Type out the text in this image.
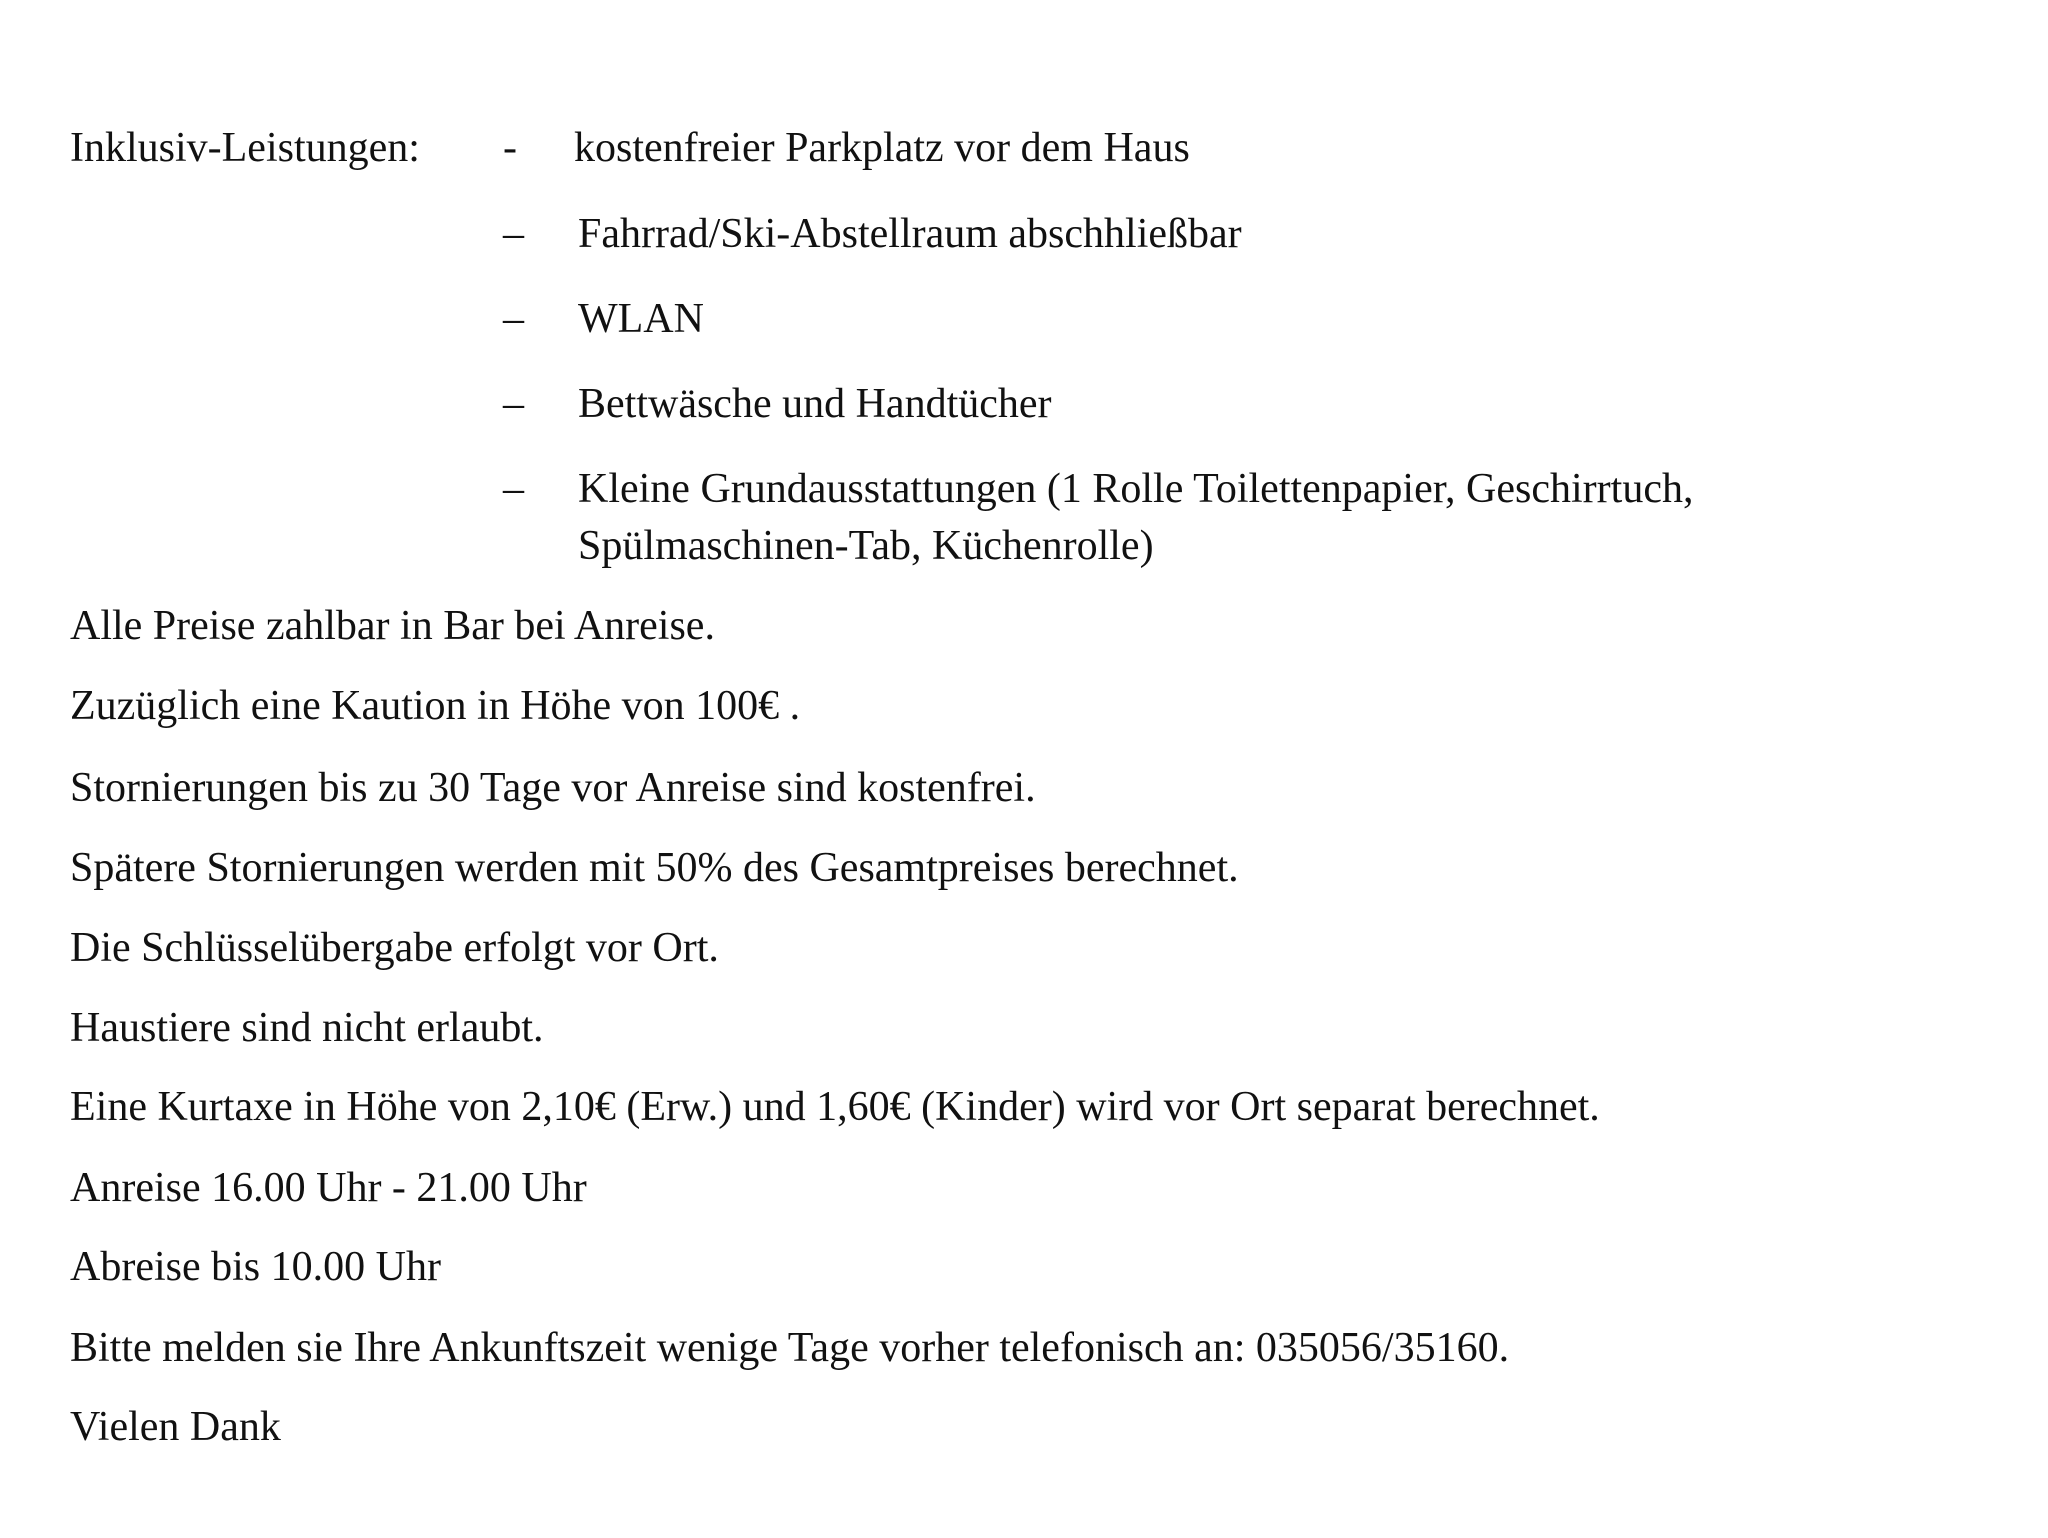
Inklusiv-Leistungen: - kostenfreier Parkplatz vor dem Haus
– Fahrrad/Ski-Abstellraum abschhließbar
– WLAN
– Bettwäsche und Handtücher
– Kleine Grundausstattungen (1 Rolle Toilettenpapier, Geschirrtuch,
Spülmaschinen-Tab, Küchenrolle)
Alle Preise zahlbar in Bar bei Anreise.
Zuzüglich eine Kaution in Höhe von 100€ .
Stornierungen bis zu 30 Tage vor Anreise sind kostenfrei.
Spätere Stornierungen werden mit 50% des Gesamtpreises berechnet.
Die Schlüsselübergabe erfolgt vor Ort.
Haustiere sind nicht erlaubt.
Eine Kurtaxe in Höhe von 2,10€ (Erw.) und 1,60€ (Kinder) wird vor Ort separat berechnet.
Anreise 16.00 Uhr - 21.00 Uhr
Abreise bis 10.00 Uhr
Bitte melden sie Ihre Ankunftszeit wenige Tage vorher telefonisch an: 035056/35160.
Vielen Dank
